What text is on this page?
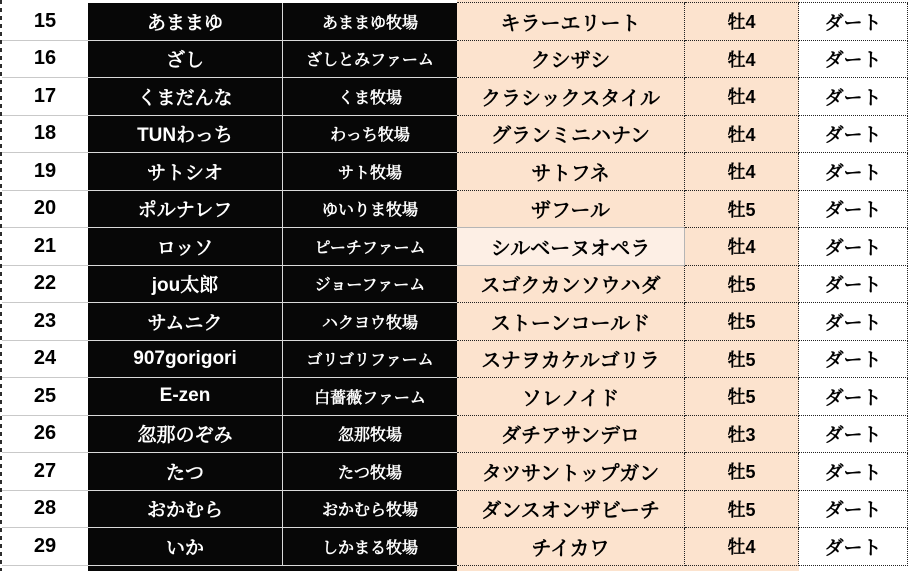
15	あままゆ	あままゆ牧場	キラーエリート	牡4	ダート
16	ざし	ざしとみファーム	クシザシ	牡4	ダート
17	くまだんな	くま牧場	クラシックスタイル	牡4	ダート
18	TUNわっち	わっち牧場	グランミニハナン	牡4	ダート
19	サトシオ	サト牧場	サトフネ	牡4	ダート
20	ポルナレフ	ゆいりま牧場	ザフール	牡5	ダート
21	ロッソ	ピーチファーム	シルベーヌオペラ	牡4	ダート
22	jou太郎	ジョーファーム	スゴクカンソウハダ	牡5	ダート
23	サムニク	ハクヨウ牧場	ストーンコールド	牡5	ダート
24	907gorigori	ゴリゴリファーム	スナヲカケルゴリラ	牡5	ダート
25	E-zen	白薔薇ファーム	ソレノイド	牡5	ダート
26	忽那のぞみ	忽那牧場	ダチアサンデロ	牡3	ダート
27	たつ	たつ牧場	タツサントップガン	牡5	ダート
28	おかむら	おかむら牧場	ダンスオンザビーチ	牡5	ダート
29	いか	しかまる牧場	チイカワ	牡4	ダート
